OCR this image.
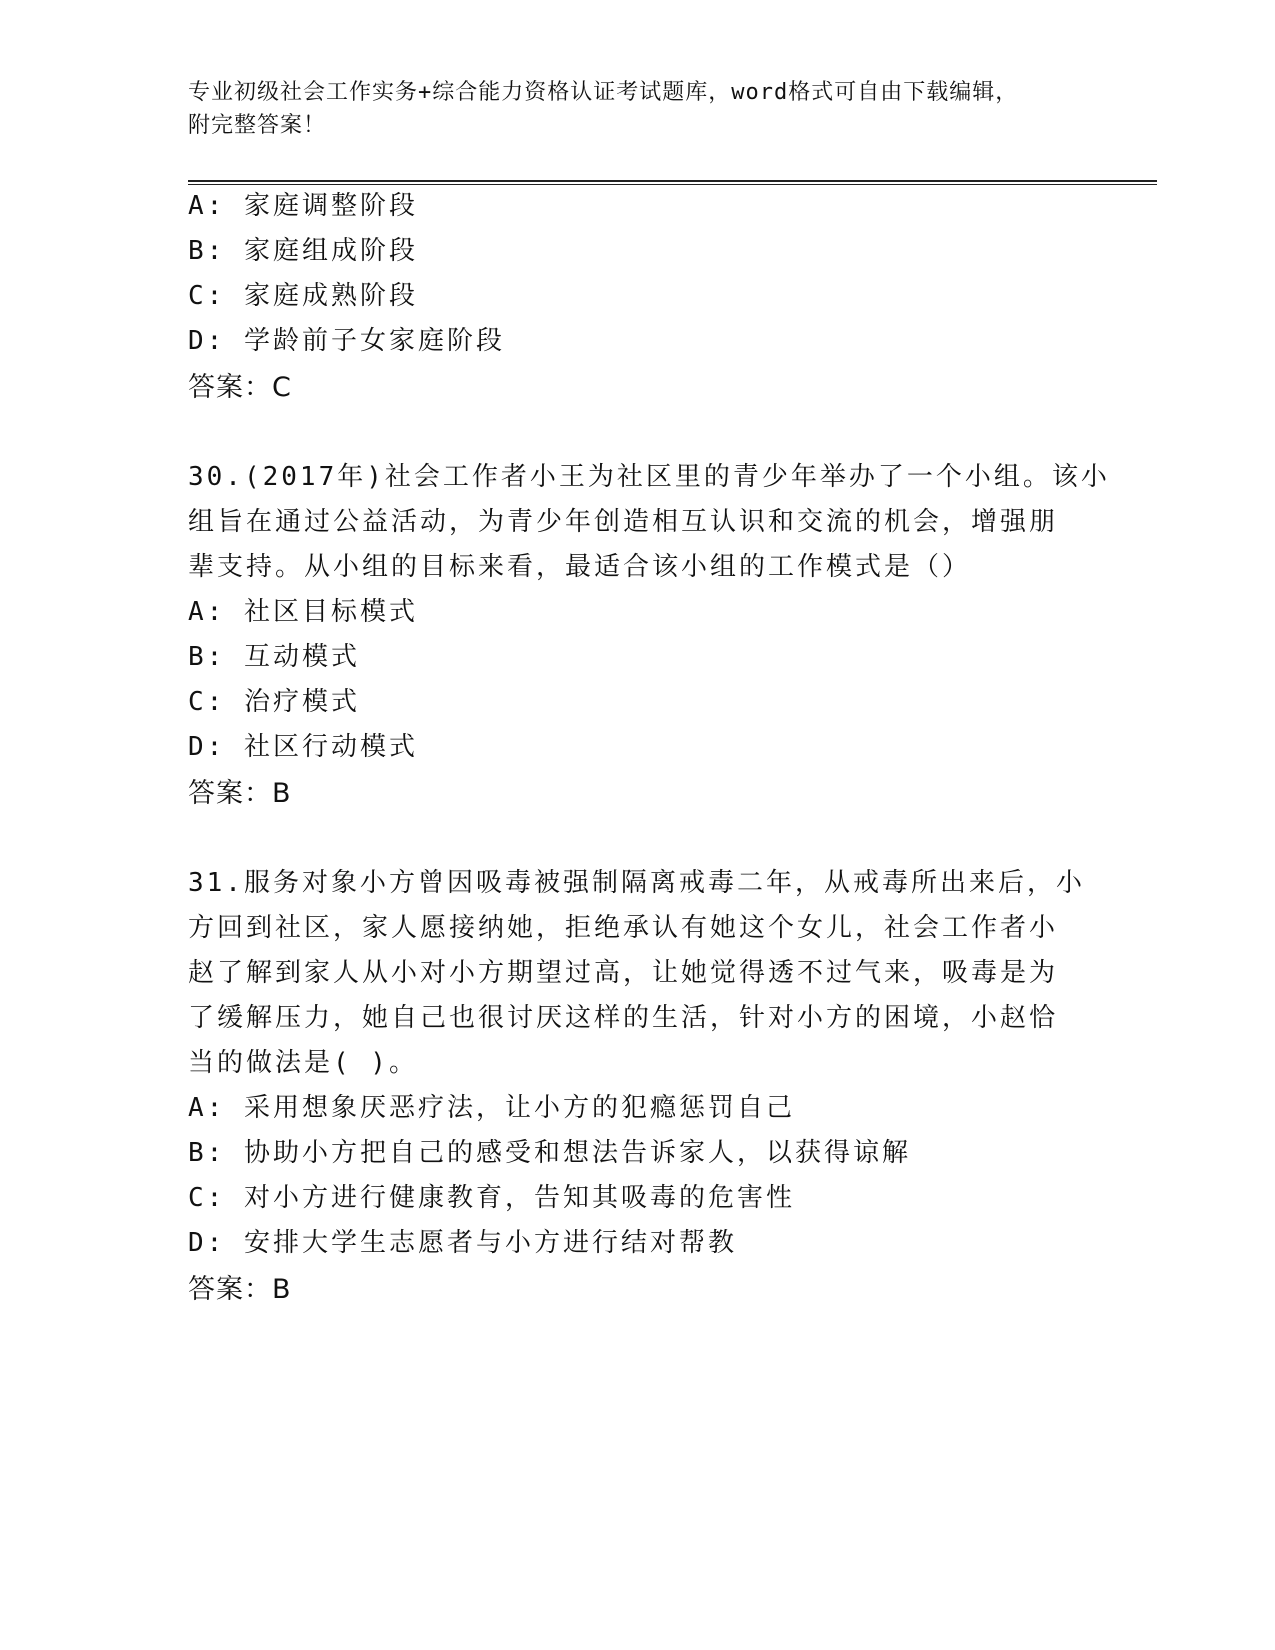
专业初级社会工作实务+综合能力资格认证考试题库，word格式可自由下载编辑，
附完整答案！
A: 家庭调整阶段
B: 家庭组成阶段
C: 家庭成熟阶段
D: 学龄前子女家庭阶段
答案：C
30.(2017年)社会工作者小王为社区里的青少年举办了一个小组。该小
组旨在通过公益活动，为青少年创造相互认识和交流的机会，增强朋
辈支持。从小组的目标来看，最适合该小组的工作模式是（）
A: 社区目标模式
B: 互动模式
C: 治疗模式
D: 社区行动模式
答案：B
31.服务对象小方曾因吸毒被强制隔离戒毒二年，从戒毒所出来后，小
方回到社区，家人愿接纳她，拒绝承认有她这个女儿，社会工作者小
赵了解到家人从小对小方期望过高，让她觉得透不过气来，吸毒是为
了缓解压力，她自己也很讨厌这样的生活，针对小方的困境，小赵恰
当的做法是( )。
A: 采用想象厌恶疗法，让小方的犯瘾惩罚自己
B: 协助小方把自己的感受和想法告诉家人，以获得谅解
C: 对小方进行健康教育，告知其吸毒的危害性
D: 安排大学生志愿者与小方进行结对帮教
答案：B
